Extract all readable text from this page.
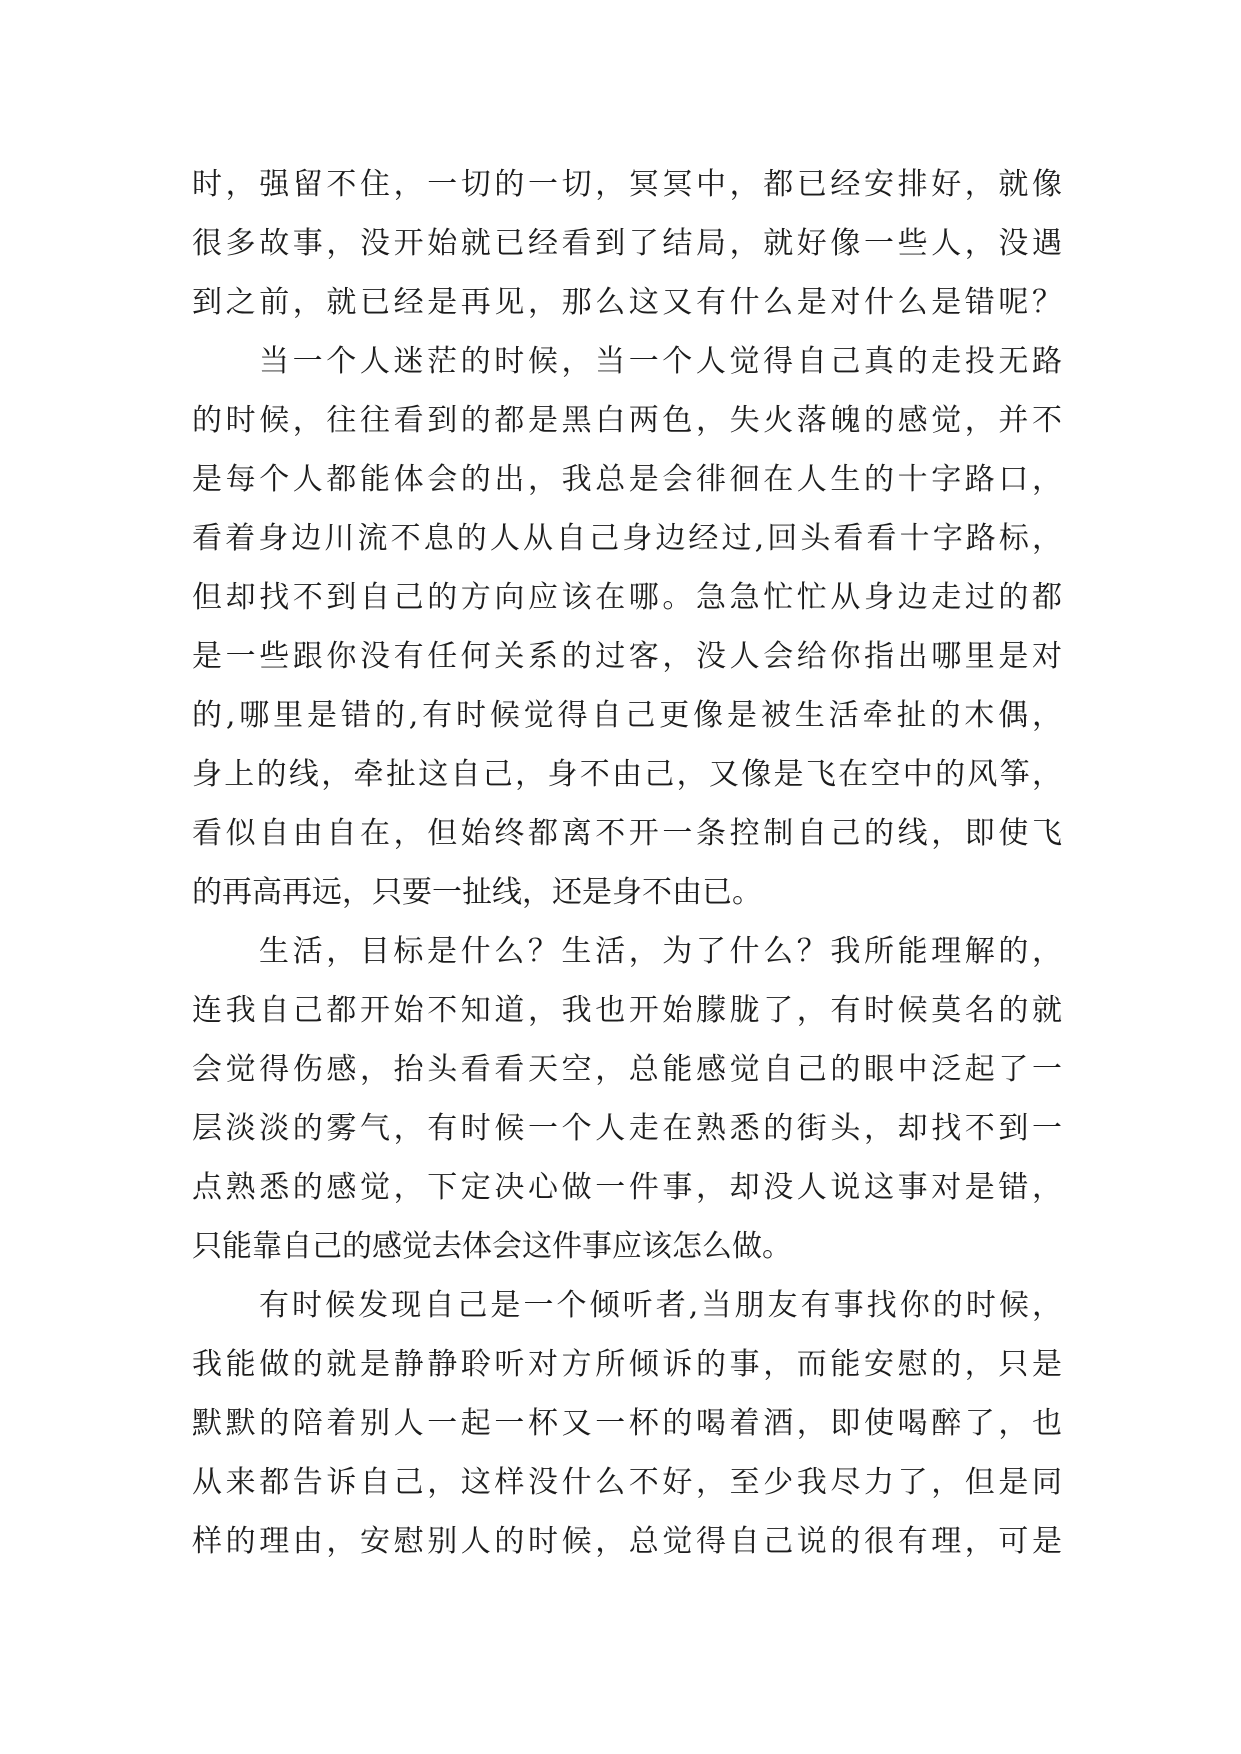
时，强留不住，一切的一切，冥冥中，都已经安排好，就像
很多故事，没开始就已经看到了结局，就好像一些人，没遇
到之前，就已经是再见，那么这又有什么是对什么是错呢？
当一个人迷茫的时候，当一个人觉得自己真的走投无路
的时候，往往看到的都是黑白两色，失火落魄的感觉，并不
是每个人都能体会的出，我总是会徘徊在人生的十字路口，
看着身边川流不息的人从自己身边经过,回头看看十字路标，
但却找不到自己的方向应该在哪。急急忙忙从身边走过的都
是一些跟你没有任何关系的过客，没人会给你指出哪里是对
的,哪里是错的,有时候觉得自己更像是被生活牵扯的木偶，
身上的线，牵扯这自己，身不由己，又像是飞在空中的风筝，
看似自由自在，但始终都离不开一条控制自己的线，即使飞
的再高再远，只要一扯线，还是身不由已。
生活，目标是什么？生活，为了什么？我所能理解的，
连我自己都开始不知道，我也开始朦胧了，有时候莫名的就
会觉得伤感，抬头看看天空，总能感觉自己的眼中泛起了一
层淡淡的雾气，有时候一个人走在熟悉的街头，却找不到一
点熟悉的感觉，下定决心做一件事，却没人说这事对是错，
只能靠自己的感觉去体会这件事应该怎么做。
有时候发现自己是一个倾听者,当朋友有事找你的时候，
我能做的就是静静聆听对方所倾诉的事，而能安慰的，只是
默默的陪着别人一起一杯又一杯的喝着酒，即使喝醉了，也
从来都告诉自己，这样没什么不好，至少我尽力了，但是同
样的理由，安慰别人的时候，总觉得自己说的很有理，可是
